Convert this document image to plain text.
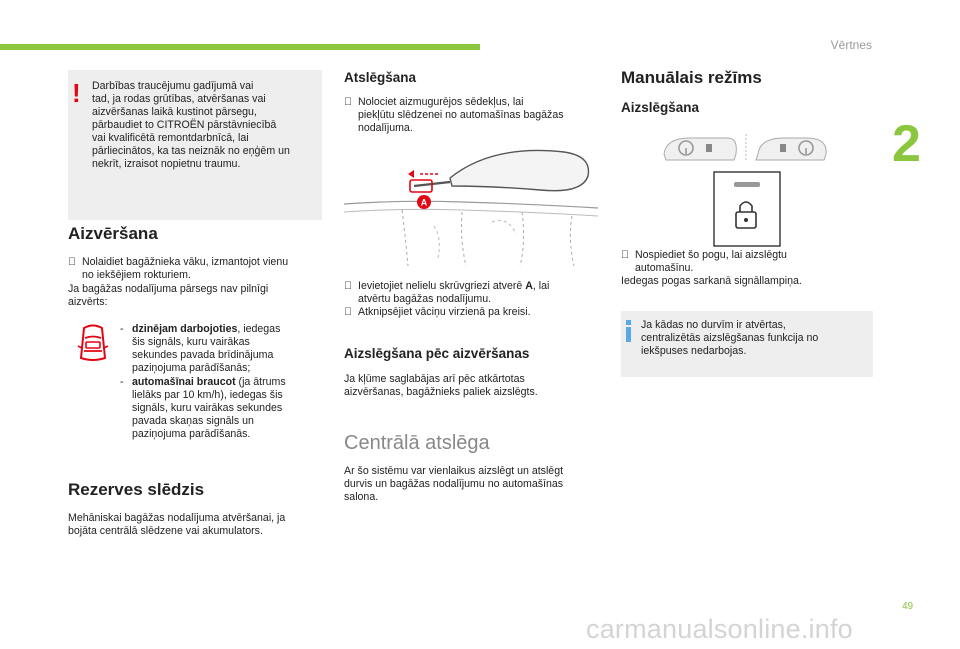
Vērtnes
2
! Darbības traucējumu gadījumā vai

tad, ja rodas grūtības, atvēršanas vai

aizvēršanas laikā kustinot pārsegu,

pārbaudiet to CITROËN pārstāvniecībā

vai kvalificētā remontdarbnīcā, lai

pārliecinātos, ka tas neiznāk no eņģēm un

nekrīt, izraisot nopietnu traumu.

Aizvēršana
Nolaidiet bagāžnieka vāku, izmantojot vienu
no iekšējiem rokturiem.
Ja bagāžas nodalījuma pārsegs nav pilnīgi
aizvērts:
- dzinējam darbojoties, iedegas
šis signāls, kuru vairākas
sekundes pavada brīdinājuma
paziņojuma parādīšanās;
- automašīnai braucot (ja ātrums
lielāks par 10 km/h), iedegas šis
signāls, kuru vairākas sekundes
pavada skaņas signāls un
paziņojuma parādīšanās.
Rezerves slēdzis
Mehāniskai bagāžas nodalījuma atvēršanai, ja
bojāta centrālā slēdzene vai akumulators.
Atslēgšana
Nolociet aizmugurējos sēdekļus, lai
piekļūtu slēdzenei no automašīnas bagāžas
nodalījuma.
A
Ievietojiet nelielu skrūvgriezi atverē A, lai
atvērtu bagāžas nodalījumu.
Atknipsējiet vāciņu virzienā pa kreisi.
Aizslēgšana pēc aizvēršanas
Ja kļūme saglabājas arī pēc atkārtotas
aizvēršanas, bagāžnieks paliek aizslēgts.
Centrālā atslēga
Ar šo sistēmu var vienlaikus aizslēgt un atslēgt
durvis un bagāžas nodalījumu no automašīnas
salona.
Manuālais režīms
Aizslēgšana
Nospiediet šo pogu, lai aizslēgtu
automašīnu.
Iedegas pogas sarkanā signāllampiņa.

Ja kādas no durvīm ir atvērtas,

centralizētās aizslēgšanas funkcija no

iekšpuses nedarbojas.

49
carmanualsonline.info
